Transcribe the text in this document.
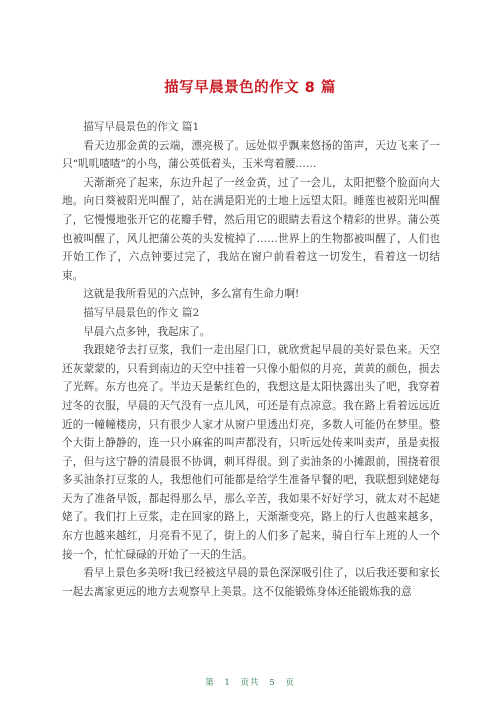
描写早晨景色的作文 8 篇

描写早晨景色的作文 篇1

看天边那金黄的云端，漂亮极了。远处似乎飘来悠扬的笛声，天边飞来了一只“叽叽喳喳”的小鸟，蒲公英低着头，玉米弯着腰……

天渐渐亮了起来，东边升起了一丝金黄，过了一会儿，太阳把整个脸面向大地。向日葵被阳光叫醒了，站在满是阳光的土地上远望太阳。睡莲也被阳光叫醒了，它慢慢地张开它的花瓣手臂，然后用它的眼睛去看这个精彩的世界。蒲公英也被叫醒了，风儿把蒲公英的头发梳掉了……世界上的生物都被叫醒了，人们也开始工作了，六点钟要过完了，我站在窗户前看着这一切发生，看着这一切结束。

这就是我所看见的六点钟，多么富有生命力啊!

描写早晨景色的作文 篇2

早晨六点多钟，我起床了。

我跟姥爷去打豆浆，我们一走出屋门口，就欣赏起早晨的美好景色来。天空还灰蒙蒙的，只看到南边的天空中挂着一只像小船似的月亮，黄黄的颜色，损去了光辉。东方也亮了。半边天是紫红色的，我想这是太阳快露出头了吧，我穿着过冬的衣服，早晨的天气没有一点儿风，可还是有点凉意。我在路上看着远远近近的一幢幢楼房，只有很少人家才从窗户里透出灯亮，多数人可能仍在梦里。整个大街上静静的，连一只小麻雀的叫声都没有，只听远处传来叫卖声，虽是卖报子，但与这宁静的清晨很不协调，刺耳得很。到了卖油条的小摊跟前，围挠着很多买油条打豆浆的人，我想他们可能都是给学生准备早餐的吧，我联想到姥姥每天为了准备早饭，都起得那么早，那么辛苦，我如果不好好学习，就太对不起姥姥了。我们打上豆浆，走在回家的路上，天渐渐变亮，路上的行人也越来越多，东方也越来越红，月亮看不见了，街上的人们多了起来，骑自行车上班的人一个接一个，忙忙碌碌的开始了一天的生活。

看早上景色多美呀!我已经被这早晨的景色深深吸引住了，以后我还要和家长一起去离家更远的地方去观察早上美景。这不仅能锻炼身体还能锻炼我的意

第 1 页共 5 页
